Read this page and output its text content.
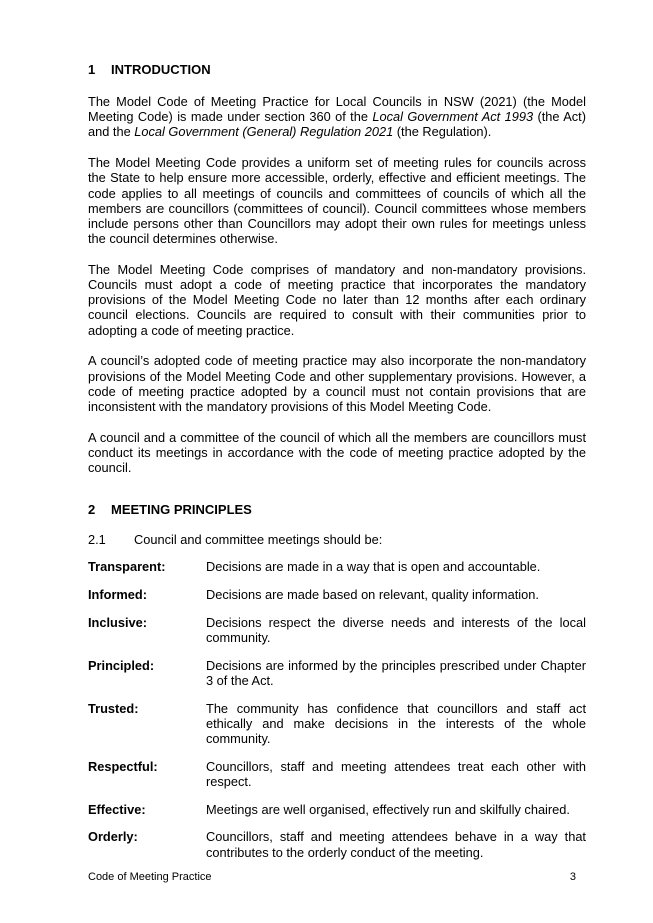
1 INTRODUCTION

The Model Code of Meeting Practice for Local Councils in NSW (2021) (the Model Meeting Code) is made under section 360 of the Local Government Act 1993 (the Act) and the Local Government (General) Regulation 2021 (the Regulation).

The Model Meeting Code provides a uniform set of meeting rules for councils across the State to help ensure more accessible, orderly, effective and efficient meetings. The code applies to all meetings of councils and committees of councils of which all the members are councillors (committees of council). Council committees whose members include persons other than Councillors may adopt their own rules for meetings unless the council determines otherwise.

The Model Meeting Code comprises of mandatory and non-mandatory provisions. Councils must adopt a code of meeting practice that incorporates the mandatory provisions of the Model Meeting Code no later than 12 months after each ordinary council elections. Councils are required to consult with their communities prior to adopting a code of meeting practice.

A council’s adopted code of meeting practice may also incorporate the non-mandatory provisions of the Model Meeting Code and other supplementary provisions. However, a code of meeting practice adopted by a council must not contain provisions that are inconsistent with the mandatory provisions of this Model Meeting Code.

A council and a committee of the council of which all the members are councillors must conduct its meetings in accordance with the code of meeting practice adopted by the council.

2 MEETING PRINCIPLES
2.1	Council and committee meetings should be:
Transparent:	Decisions are made in a way that is open and accountable.
Informed:	Decisions are made based on relevant, quality information.
Inclusive:	Decisions respect the diverse needs and interests of the local community.
Principled:	Decisions are informed by the principles prescribed under Chapter 3 of the Act.
Trusted:	The community has confidence that councillors and staff act ethically and make decisions in the interests of the whole community.
Respectful:	Councillors, staff and meeting attendees treat each other with respect.
Effective:	Meetings are well organised, effectively run and skilfully chaired.
Orderly:	Councillors, staff and meeting attendees behave in a way that contributes to the orderly conduct of the meeting.
Code of Meeting Practice	3
